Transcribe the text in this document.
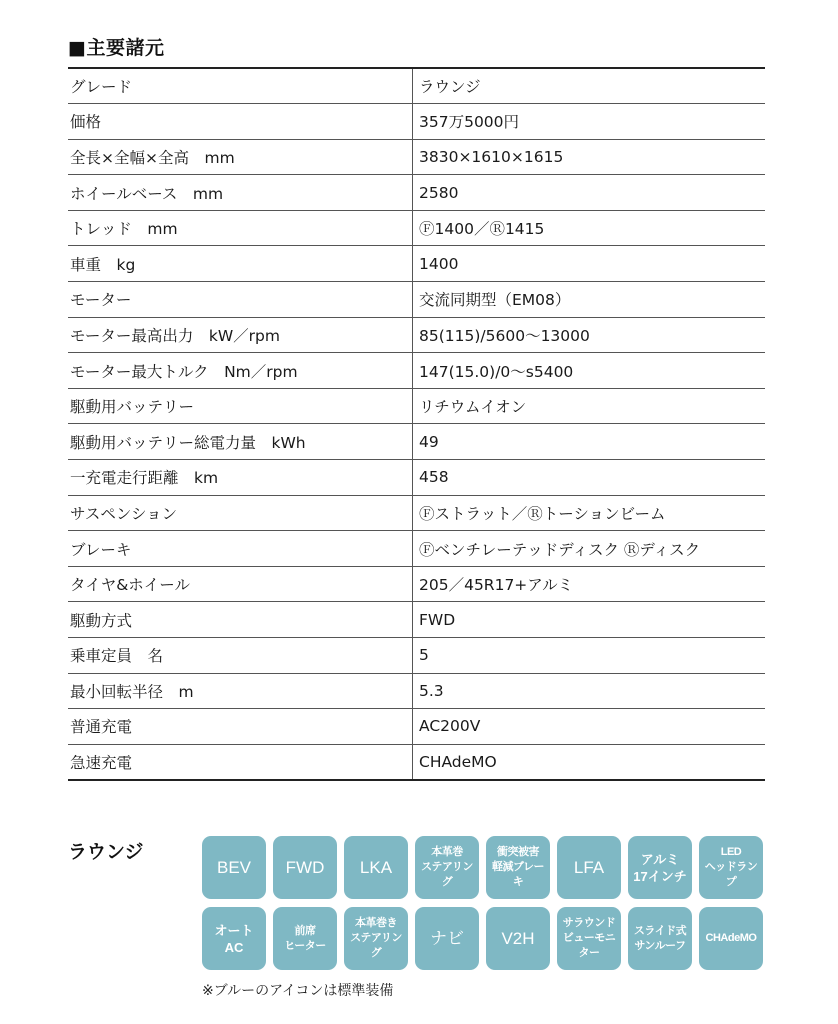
■主要諸元
グレード	ラウンジ
価格	357万5000円
全長×全幅×全高　mm	3830×1610×1615
ホイールベース　mm	2580
トレッド　mm	Ⓕ1400／Ⓡ1415
車重　kg	1400
モーター	交流同期型（EM08）
モーター最高出力　kW／rpm	85(115)/5600〜13000
モーター最大トルク　Nm／rpm	147(15.0)/0〜s5400
駆動用バッテリー	リチウムイオン
駆動用バッテリー総電力量　kWh	49
一充電走行距離　km	458
サスペンション	Ⓕストラット／Ⓡトーションビーム
ブレーキ	Ⓕベンチレーテッドディスク Ⓡディスク
タイヤ&ホイール	205／45R17+アルミ
駆動方式	FWD
乗車定員　名	5
最小回転半径　m	5.3
普通充電	AC200V
急速充電	CHAdeMO
ラウンジ
BEV FWD LKA
本革巻
ステアリング
衝突被害
軽減ブレーキ
LFA	アルミ
17インチ
LED
ヘッドランプ
オート
AC
前席
ヒーター
本革巻き
ステアリング
ナビ V2H
サラウンド
ビューモニター
スライド式
サンルーフ
CHAdeMO
※ブルーのアイコンは標準装備
